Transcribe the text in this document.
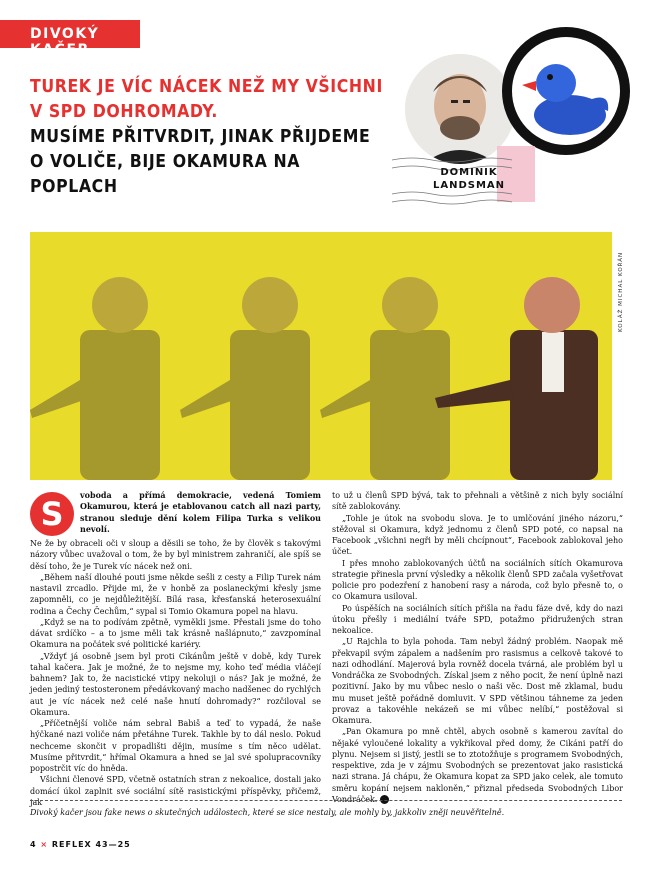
DIVOKÝ KAČER
TUREK JE VÍC NÁCEK NEŽ MY VŠICHNI V SPD DOHROMADY.
MUSÍME PŘITVRDIT, JINAK PŘIJDEME O VOLIČE, BIJE OKAMURA NA POPLACH
DOMINIK
LANDSMAN
KOLÁŽ MICHAL KOŘÁN

S	voboda a přímá demokracie, vedená Tomiem Okamurou, která je etablovanou catch all nazi party, stranou sleduje dění kolem Filipa Turka s velikou nevolí.

Ne že by obraceli oči v sloup a děsili se toho, že by člověk s takovými názory vůbec uvažoval o tom, že by byl ministrem zahraničí, ale spíš se děsí toho, že je Turek víc nácek než oni.

„Během naší dlouhé pouti jsme někde sešli z cesty a Filip Turek nám nastavil zrcadlo. Přijde mi, že v honbě za poslaneckými křesly jsme zapomněli, co je nejdůležitější. Bílá rasa, křesťanská heterosexuální rodina a Čechy Čechům,“ sypal si Tomio Okamura popel na hlavu.

„Když se na to podívám zpětně, vyměkli jsme. Přestali jsme do toho dávat srdíčko – a to jsme měli tak krásně našlápnuto,“ zavzpomínal Okamura na počátek své politické kariéry.

„Vždyť já osobně jsem byl proti Cikánům ještě v době, kdy Turek tahal kačera. Jak je možné, že to nejsme my, koho teď média vláčejí bahnem? Jak to, že nacistické vtipy nekoluji o nás? Jak je možné, že jeden jediný testosteronem předávkovaný macho nadšenec do rychlých aut je víc nácek než celé naše hnutí dohromady?“ rozčiloval se Okamura.

„Příčetnější voliče nám sebral Babiš a teď to vypadá, že naše hýčkané nazi voliče nám přetáhne Turek. Takhle by to dál neslo. Pokud nechceme skončit v propadlišti dějin, musíme s tím něco udělat. Musíme přitvrdit,“ hřímal Okamura a hned se jal své spolupracovníky popostrčit víc do hnědа.

Všichni členové SPD, včetně ostatních stran z nekoalice, dostali jako domácí úkol zaplnit své sociální sítě rasistickými příspěvky, přičemž, jak

to už u členů SPD bývá, tak to přehnali a většině z nich byly sociální sítě zablokovány.

„Tohle je útok na svobodu slova. Je to umlčování jiného názoru,“ stěžoval si Okamura, když jednomu z členů SPD poté, co napsal na Facebook „všichni negři by měli chcípnout“, Facebook zablokoval jeho účet.

I přes mnoho zablokovaných účtů na sociálních sítích Okamurova strategie přinesla první výsledky a několik členů SPD začala vyšetřovat policie pro podezření z hanobení rasy a národa, což bylo přesně to, o co Okamura usiloval.

Po úspěších na sociálních sítích přišla na řadu fáze dvě, kdy do nazi útoku přešly i mediální tváře SPD, potažmo přidružených stran nekoalice.

„U Rajchla to byla pohoda. Tam nebyl žádný problém. Naopak mě překvapil svým zápalem a nadšením pro rasismus a celkově takové to nazi odhodlání. Majerová byla rovněž docela tvárná, ale problém byl u Vondráčka ze Svobodných. Získal jsem z něho pocit, že není úplně nazi pozitivní. Jako by mu vůbec neslo o naši věc. Dost mě zklamal, budu mu muset ještě pořádně domluvit. V SPD většinou táhneme za jeden provaz a takovéhle nekázeň se mi vůbec nelíbí,“ postěžoval si Okamura.

„Pan Okamura po mně chtěl, abych osobně s kamerou zavítal do nějaké vyloučené lokality a vykřikoval před domy, že Cikáni patří do plynu. Nejsem si jistý, jestli se to ztotožňuje s programem Svobodných, respektive, zda je v zájmu Svobodných se prezentovat jako rasistická nazi strana. Já chápu, že Okamura kopat za SPD jako celek, ale tomuto směru kopání nejsem nakloněn,“ přiznal předseda Svobodných Libor Vondráček. ×

Divoký kačer jsou fake news o skutečných událostech, které se sice nestaly, ale mohly by, jakkoliv zněji neuvěřitelně.
4 × REFLEX 43—25
